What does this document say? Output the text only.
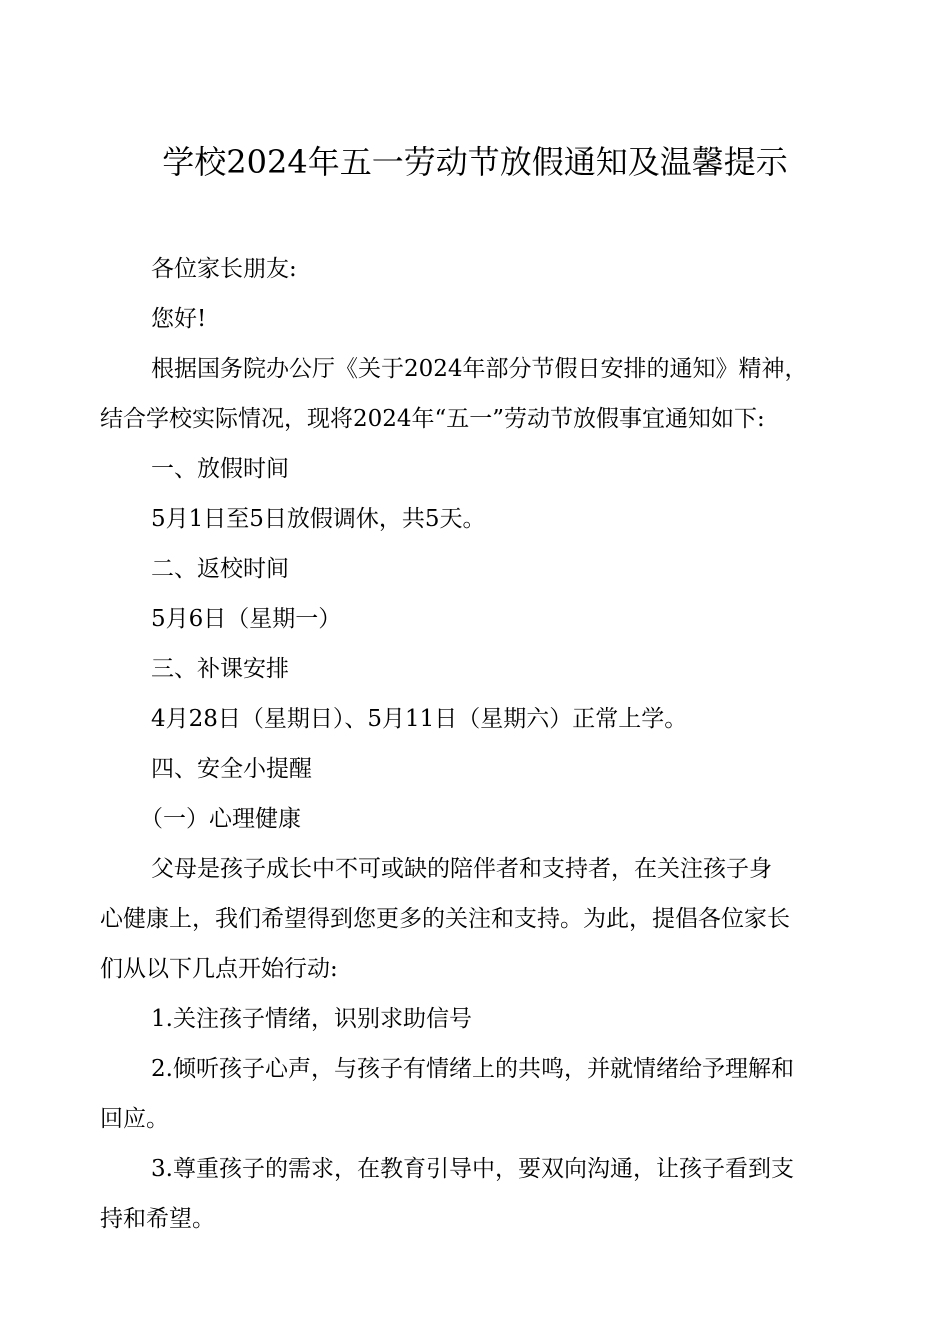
学校2024年五一劳动节放假通知及温馨提示
各位家长朋友:
您好!
根据国务院办公厅《关于2024年部分节假日安排的通知》精神，
结合学校实际情况，现将2024年“五一”劳动节放假事宜通知如下:
一、放假时间
5月1日至5日放假调休，共5天。
二、返校时间
5月6日（星期一）
三、补课安排
4月28日（星期日）、5月11日（星期六）正常上学。
四、安全小提醒
（一）心理健康
父母是孩子成长中不可或缺的陪伴者和支持者，在关注孩子身
心健康上，我们希望得到您更多的关注和支持。为此，提倡各位家长
们从以下几点开始行动:
1.关注孩子情绪，识别求助信号
2.倾听孩子心声，与孩子有情绪上的共鸣，并就情绪给予理解和
回应。
3.尊重孩子的需求，在教育引导中，要双向沟通，让孩子看到支
持和希望。
